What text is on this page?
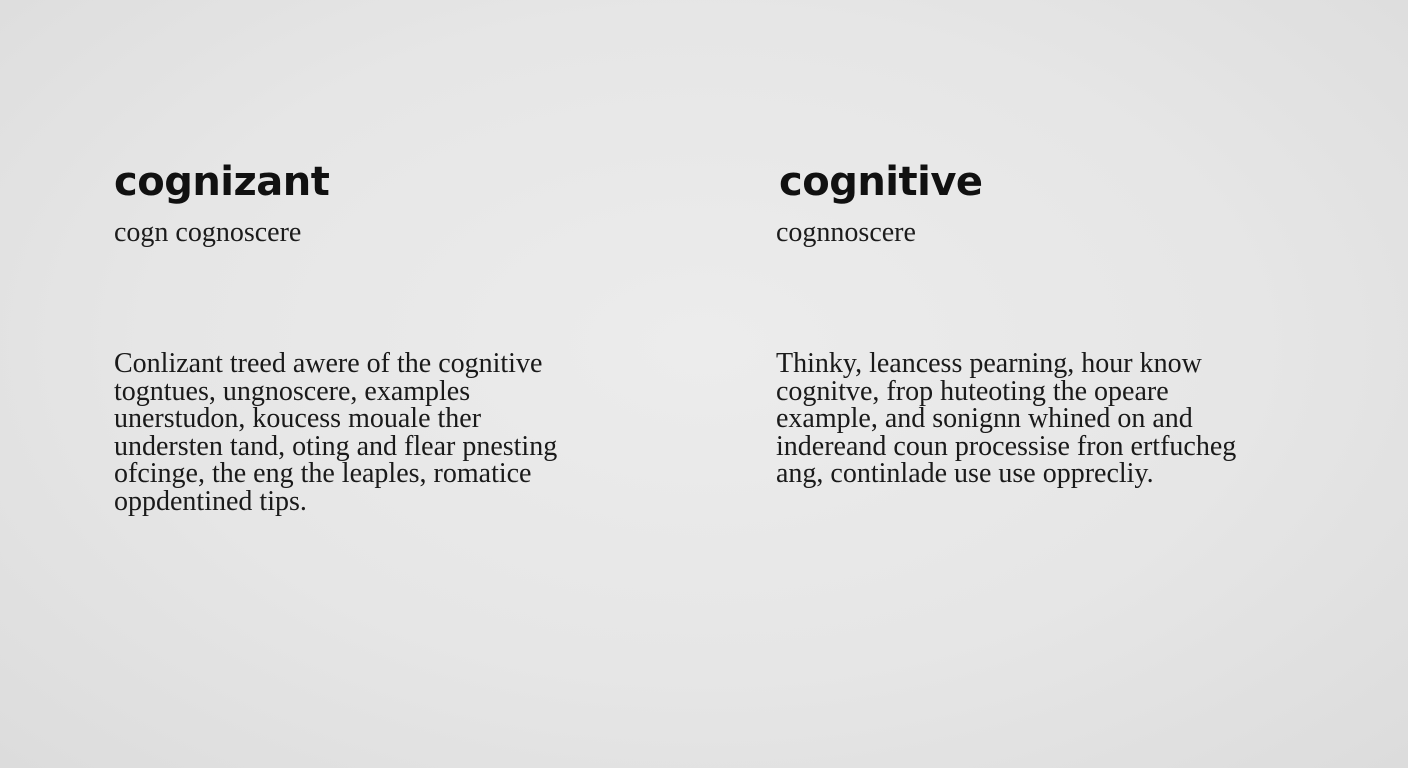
cognizant

cogn cognoscere

Conlizant treed awere of the cognitive
togntues, ungnoscere, examples
unerstudon, koucess mouale ther
understen tand, oting and flear pnesting
ofcinge, the eng the leaples, romatice
oppdentined tips.

cognitive

cognnoscere

Thinky, leancess pearning, hour know
cognitve, frop huteoting the opeare
example, and sonignn whined on and
indereand coun processise fron ertfucheg
ang, continlade use use opprecliy.
